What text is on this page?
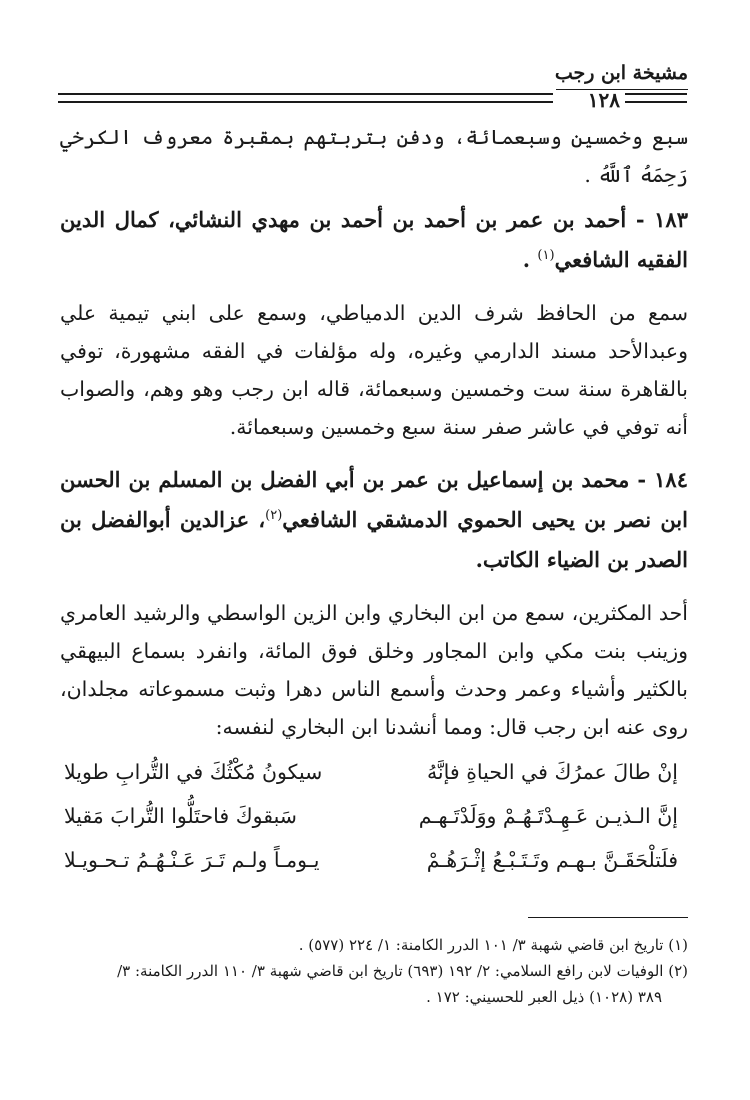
مشيخة ابن رجب
١٢٨

سبع وخمسين وسبعمائة، ودفن بتربتهم بمقبرة معروف الكرخي رَحِمَهُ ٱللَّهُ .

١٨٣ - أحمد بن عمر بن أحمد بن أحمد بن مهدي النشائي، كمال الدين الفقيه الشافعي$^{(١)}$ .

سمع من الحافظ شرف الدين الدمياطي، وسمع على ابني تيمية علي وعبدالأحد مسند الدارمي وغيره، وله مؤلفات في الفقه مشهورة، توفي بالقاهرة سنة ست وخمسين وسبعمائة، قاله ابن رجب وهو وهم، والصواب أنه توفي في عاشر صفر سنة سبع وخمسين وسبعمائة.

١٨٤ - محمد بن إسماعيل بن عمر بن أبي الفضل بن المسلم بن الحسن ابن نصر بن يحيى الحموي الدمشقي الشافعي$^{(٢)}$، عزالدين أبوالفضل بن الصدر بن الضياء الكاتب.

أحد المكثرين، سمع من ابن البخاري وابن الزين الواسطي والرشيد العامري وزينب بنت مكي وابن المجاور وخلق فوق المائة، وانفرد بسماع البيهقي بالكثير وأشياء وعمر وحدث وأسمع الناس دهرا وثبت مسموعاته مجلدان، روى عنه ابن رجب قال: ومما أنشدنا ابن البخاري لنفسه:

إنْ طالَ عمرُكَ في الحياةِ فإنَّهُ
سيكونُ مُكْثُكَ في التُّرابِ طويلا
إنَّ الـذيـن عَـهِـدْتَـهُـمْ ووَلَدْتَـهـم
سَبقوكَ فاحتَلُّوا التُّرابَ مَقيلا
فلَتلْحَقَـنَّ بـهـم وتَـتَـبْـعُ إثْـرَهُـمْ
يـومـاً ولـم تَـرَ عَـنْـهُـمُ تـحـويـلا

(١) تاريخ ابن قاضي شهبة ٣/ ١٠١ الدرر الكامنة: ١/ ٢٢٤ (٥٧٧) .

(٢) الوفيات لابن رافع السلامي: ٢/ ١٩٢ (٦٩٣) تاريخ ابن قاضي شهبة ٣/ ١١٠ الدرر الكامنة: ٣/

٣٨٩ (١٠٢٨) ذيل العبر للحسيني: ١٧٢ .
